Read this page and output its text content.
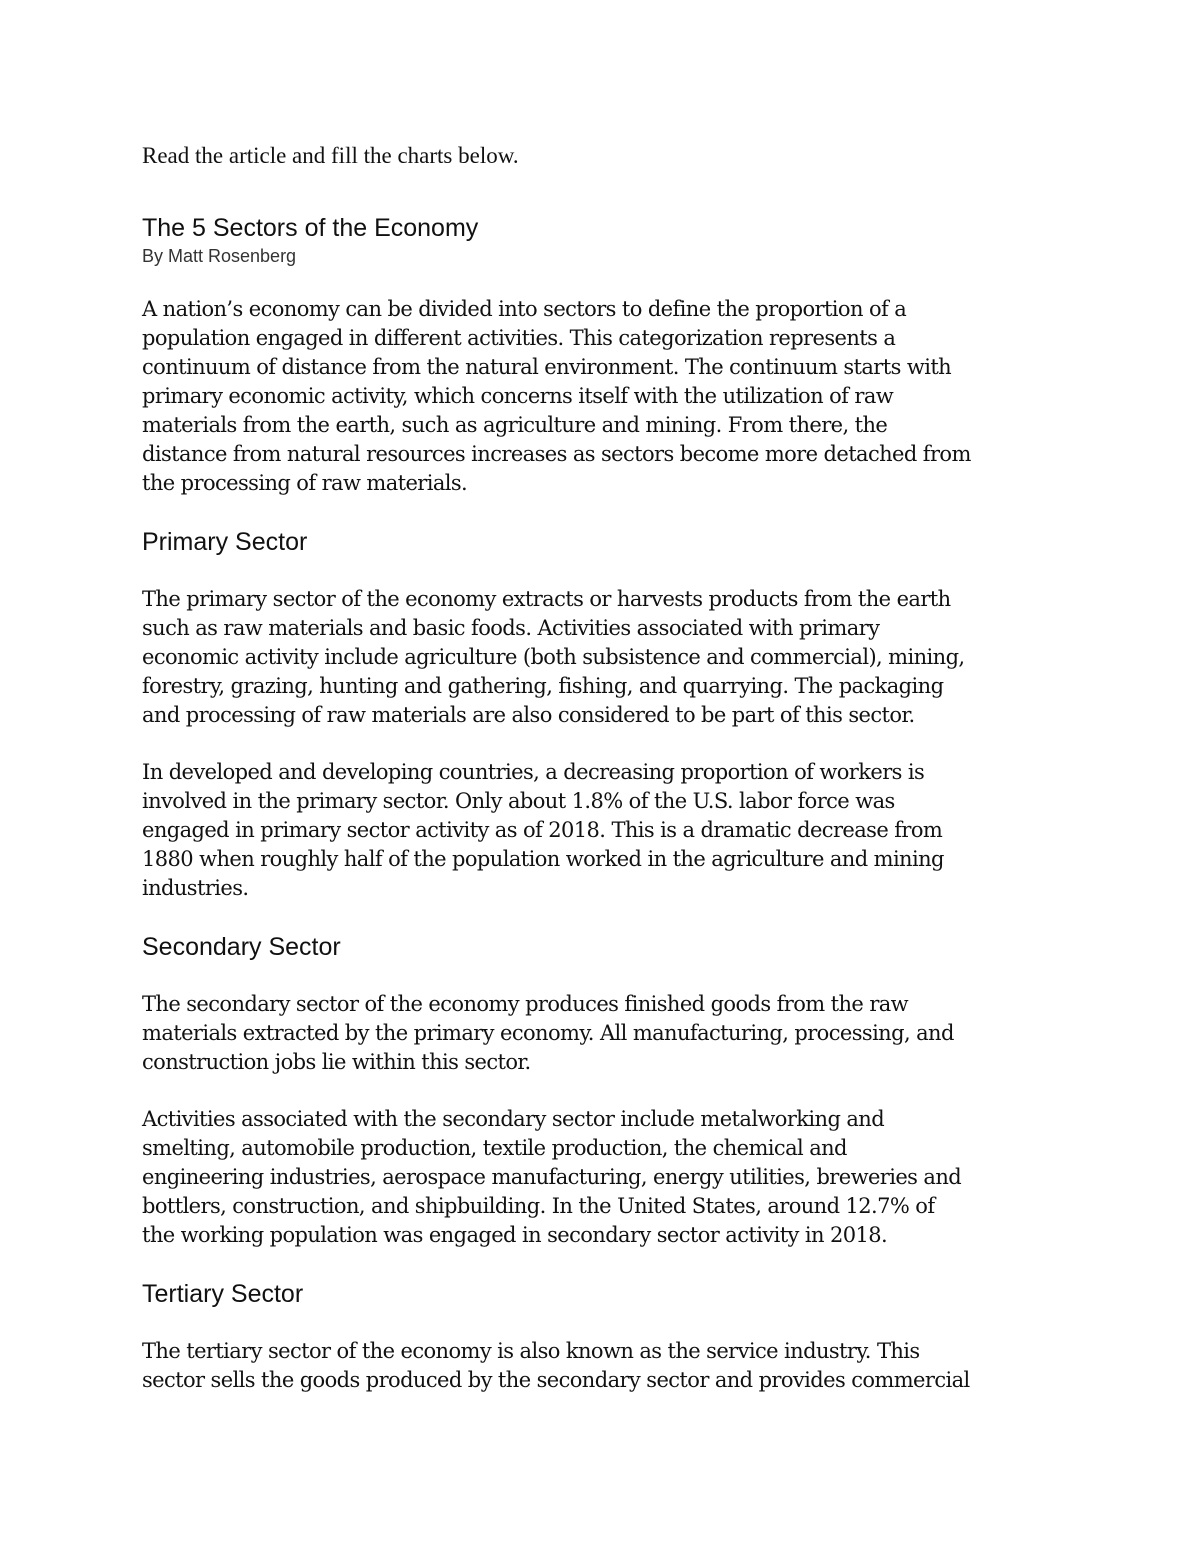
Read the article and fill the charts below.
The 5 Sectors of the Economy
By Matt Rosenberg
A nation’s economy can be divided into sectors to define the proportion of a
population engaged in different activities. This categorization represents a
continuum of distance from the natural environment. The continuum starts with
primary economic activity, which concerns itself with the utilization of raw
materials from the earth, such as agriculture and mining. From there, the
distance from natural resources increases as sectors become more detached from
the processing of raw materials.
Primary Sector
The primary sector of the economy extracts or harvests products from the earth
such as raw materials and basic foods. Activities associated with primary
economic activity include agriculture (both subsistence and commercial), mining,
forestry, grazing, hunting and gathering, fishing, and quarrying. The packaging
and processing of raw materials are also considered to be part of this sector.
In developed and developing countries, a decreasing proportion of workers is
involved in the primary sector. Only about 1.8% of the U.S. labor force was
engaged in primary sector activity as of 2018. This is a dramatic decrease from
1880 when roughly half of the population worked in the agriculture and mining
industries.
Secondary Sector
The secondary sector of the economy produces finished goods from the raw
materials extracted by the primary economy. All manufacturing, processing, and
construction jobs lie within this sector.
Activities associated with the secondary sector include metalworking and
smelting, automobile production, textile production, the chemical and
engineering industries, aerospace manufacturing, energy utilities, breweries and
bottlers, construction, and shipbuilding. In the United States, around 12.7% of
the working population was engaged in secondary sector activity in 2018.
Tertiary Sector
The tertiary sector of the economy is also known as the service industry. This
sector sells the goods produced by the secondary sector and provides commercial
